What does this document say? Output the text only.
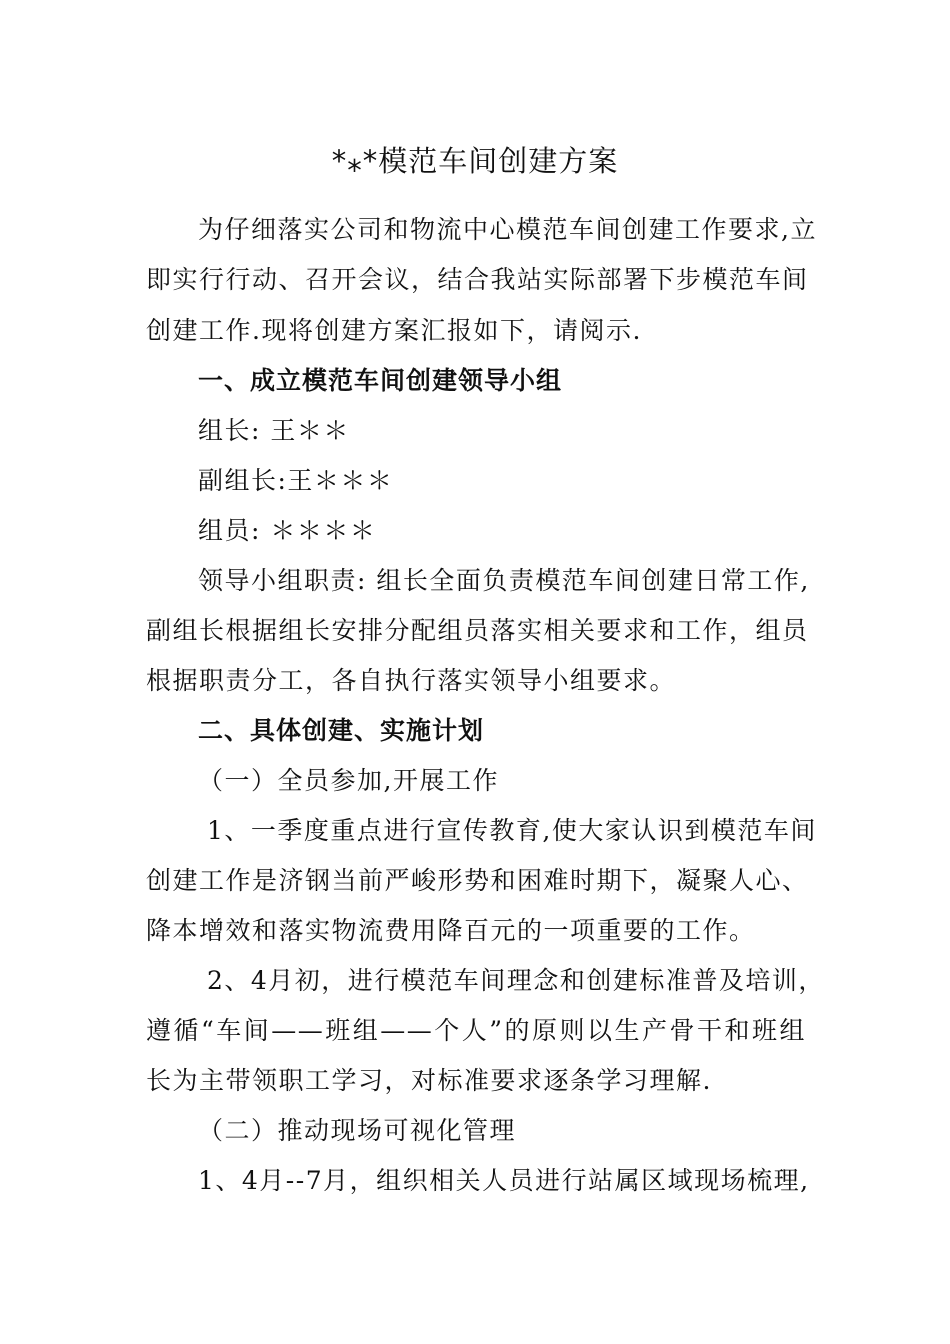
*⁎*模范车间创建方案
为仔细落实公司和物流中心模范车间创建工作要求,立
即实行行动、召开会议，结合我站实际部署下步模范车间
创建工作.现将创建方案汇报如下，请阅示.
一、成立模范车间创建领导小组
组长: 王＊＊
副组长:王＊＊＊
组员: ＊＊＊＊
领导小组职责: 组长全面负责模范车间创建日常工作,
副组长根据组长安排分配组员落实相关要求和工作，组员
根据职责分工，各自执行落实领导小组要求。
二、具体创建、实施计划
（一）全员参加,开展工作
1、一季度重点进行宣传教育,使大家认识到模范车间
创建工作是济钢当前严峻形势和困难时期下，凝聚人心、
降本增效和落实物流费用降百元的一项重要的工作。
2、4月初，进行模范车间理念和创建标准普及培训，
遵循“车间——班组——个人”的原则以生产骨干和班组
长为主带领职工学习，对标准要求逐条学习理解.
（二）推动现场可视化管理
1、4月--7月，组织相关人员进行站属区域现场梳理,
